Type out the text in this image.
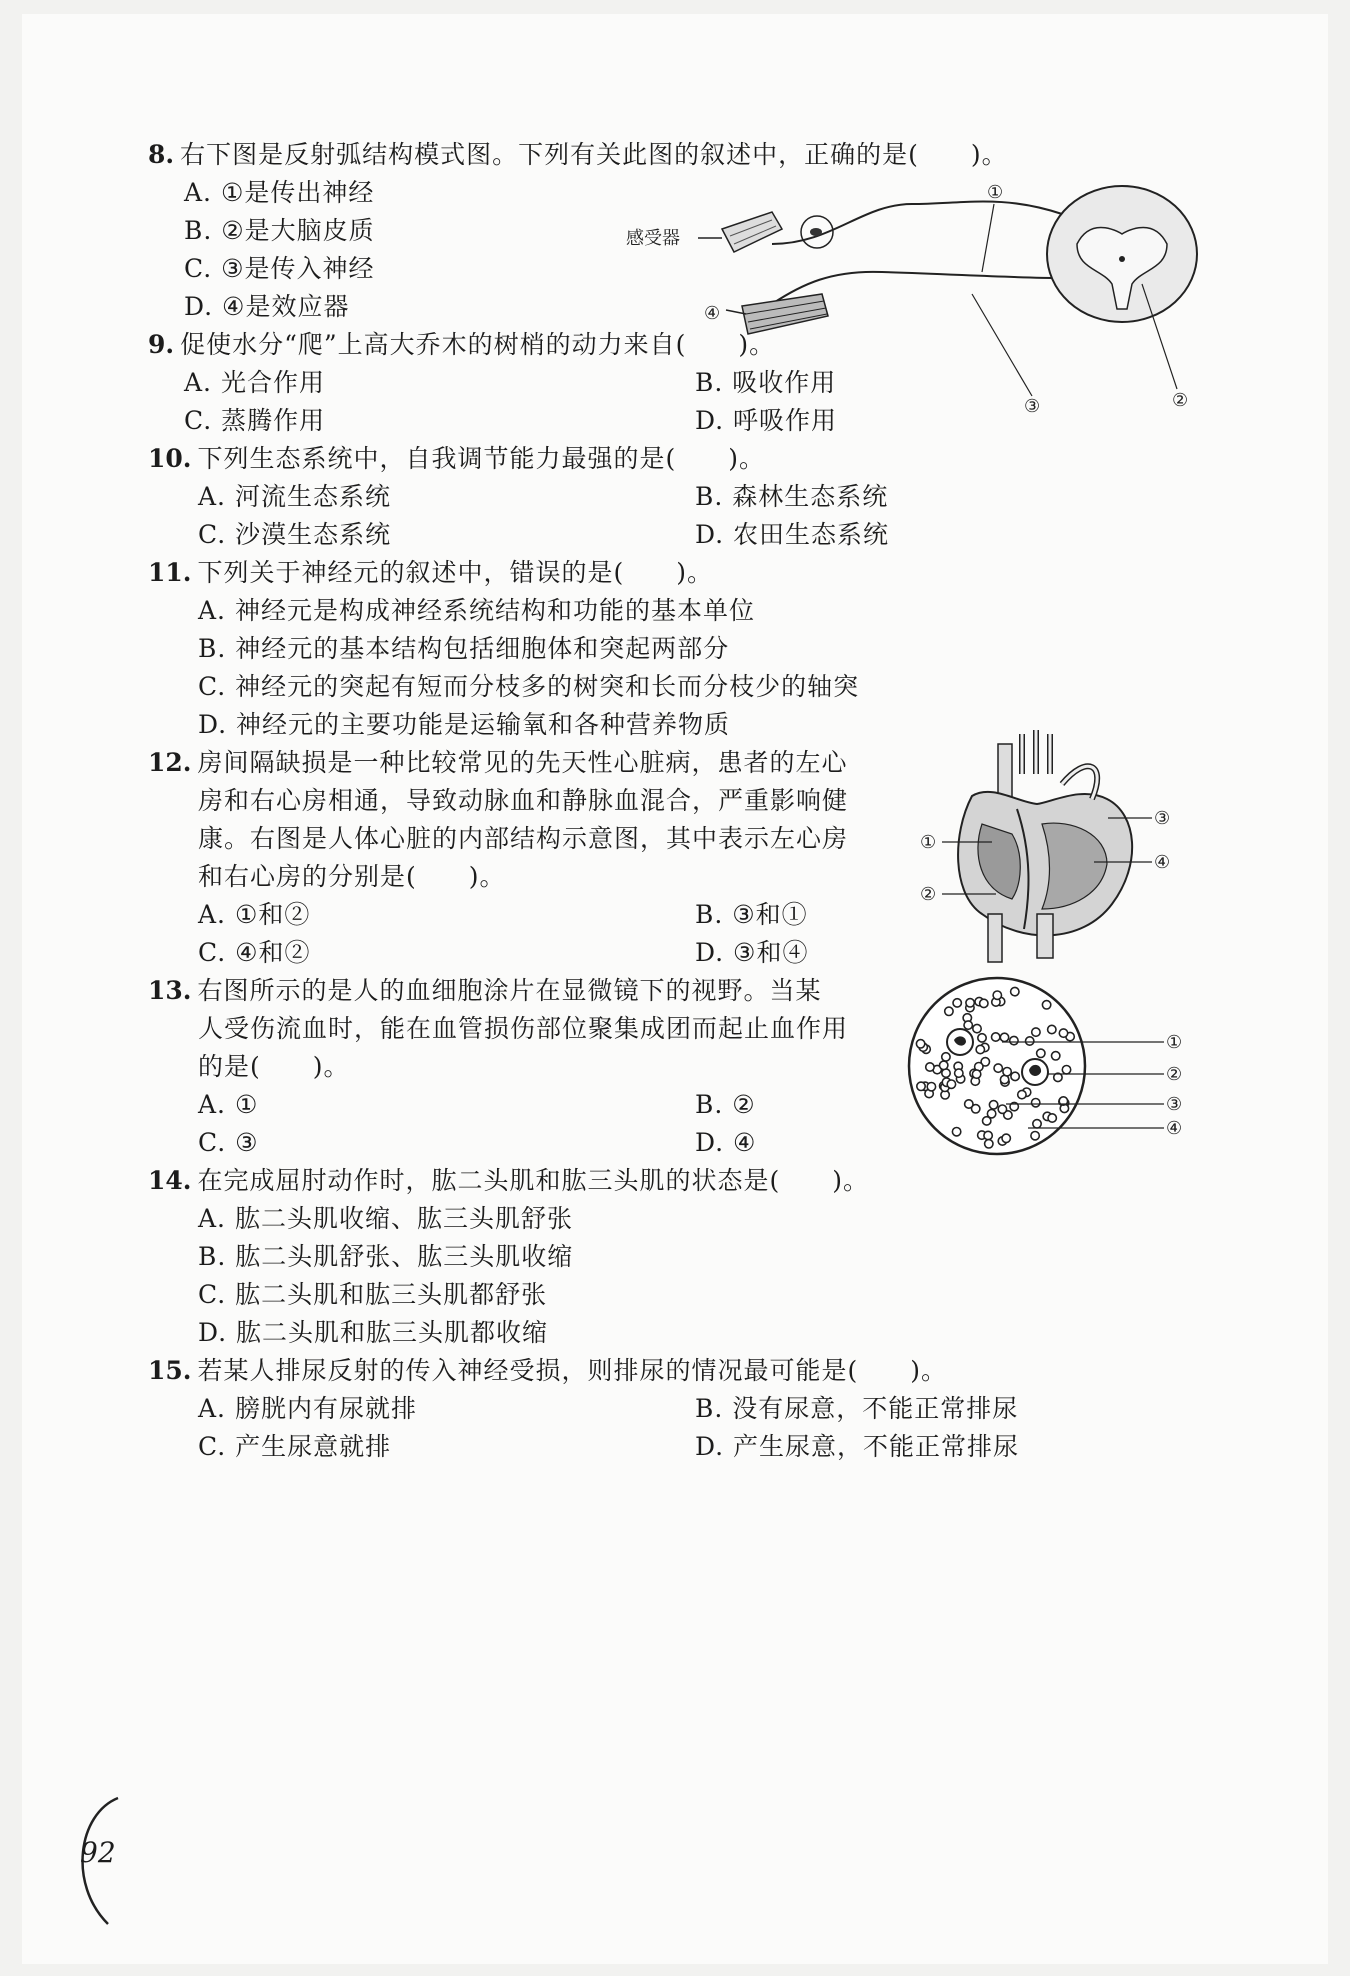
8. 右下图是反射弧结构模式图。下列有关此图的叙述中，正确的是(　　)。
A. ①是传出神经
B. ②是大脑皮质
C. ③是传入神经
D. ④是效应器
感受器
①
②
③
④
9. 促使水分“爬”上高大乔木的树梢的动力来自(　　)。
A. 光合作用	B. 吸收作用
C. 蒸腾作用	D. 呼吸作用
10. 下列生态系统中，自我调节能力最强的是(　　)。
A. 河流生态系统	B. 森林生态系统
C. 沙漠生态系统	D. 农田生态系统
11. 下列关于神经元的叙述中，错误的是(　　)。
A. 神经元是构成神经系统结构和功能的基本单位
B. 神经元的基本结构包括细胞体和突起两部分
C. 神经元的突起有短而分枝多的树突和长而分枝少的轴突
D. 神经元的主要功能是运输氧和各种营养物质
12. 房间隔缺损是一种比较常见的先天性心脏病，患者的左心
房和右心房相通，导致动脉血和静脉血混合，严重影响健
康。右图是人体心脏的内部结构示意图，其中表示左心房
和右心房的分别是(　　)。
A. ①和②	B. ③和①
C. ④和②	D. ③和④
③
④
①
②
13. 右图所示的是人的血细胞涂片在显微镜下的视野。当某
人受伤流血时，能在血管损伤部位聚集成团而起止血作用
的是(　　)。
A. ①	B. ②
C. ③	D. ④
①
②
③
④
14. 在完成屈肘动作时，肱二头肌和肱三头肌的状态是(　　)。
A. 肱二头肌收缩、肱三头肌舒张
B. 肱二头肌舒张、肱三头肌收缩
C. 肱二头肌和肱三头肌都舒张
D. 肱二头肌和肱三头肌都收缩
15. 若某人排尿反射的传入神经受损，则排尿的情况最可能是(　　)。
A. 膀胱内有尿就排	B. 没有尿意，不能正常排尿
C. 产生尿意就排	D. 产生尿意，不能正常排尿
92
